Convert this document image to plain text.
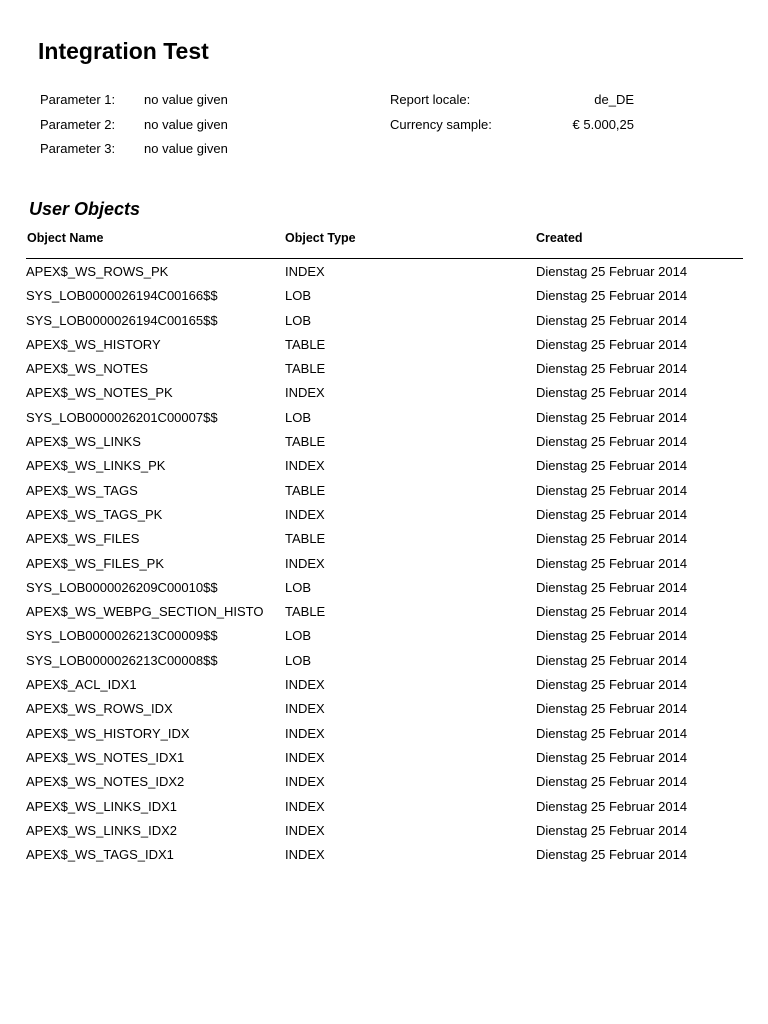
Integration Test
Parameter 1: no value given	Report locale:	de_DE
Parameter 2: no value given	Currency sample:	€ 5.000,25
Parameter 3: no value given
User Objects
Object Name	Object Type	Created
APEX$_WS_ROWS_PK	INDEX	Dienstag 25 Februar 2014
SYS_LOB0000026194C00166$$	LOB	Dienstag 25 Februar 2014
SYS_LOB0000026194C00165$$	LOB	Dienstag 25 Februar 2014
APEX$_WS_HISTORY	TABLE	Dienstag 25 Februar 2014
APEX$_WS_NOTES	TABLE	Dienstag 25 Februar 2014
APEX$_WS_NOTES_PK	INDEX	Dienstag 25 Februar 2014
SYS_LOB0000026201C00007$$	LOB	Dienstag 25 Februar 2014
APEX$_WS_LINKS	TABLE	Dienstag 25 Februar 2014
APEX$_WS_LINKS_PK	INDEX	Dienstag 25 Februar 2014
APEX$_WS_TAGS	TABLE	Dienstag 25 Februar 2014
APEX$_WS_TAGS_PK	INDEX	Dienstag 25 Februar 2014
APEX$_WS_FILES	TABLE	Dienstag 25 Februar 2014
APEX$_WS_FILES_PK	INDEX	Dienstag 25 Februar 2014
SYS_LOB0000026209C00010$$	LOB	Dienstag 25 Februar 2014
APEX$_WS_WEBPG_SECTION_HISTO	TABLE	Dienstag 25 Februar 2014
SYS_LOB0000026213C00009$$	LOB	Dienstag 25 Februar 2014
SYS_LOB0000026213C00008$$	LOB	Dienstag 25 Februar 2014
APEX$_ACL_IDX1	INDEX	Dienstag 25 Februar 2014
APEX$_WS_ROWS_IDX	INDEX	Dienstag 25 Februar 2014
APEX$_WS_HISTORY_IDX	INDEX	Dienstag 25 Februar 2014
APEX$_WS_NOTES_IDX1	INDEX	Dienstag 25 Februar 2014
APEX$_WS_NOTES_IDX2	INDEX	Dienstag 25 Februar 2014
APEX$_WS_LINKS_IDX1	INDEX	Dienstag 25 Februar 2014
APEX$_WS_LINKS_IDX2	INDEX	Dienstag 25 Februar 2014
APEX$_WS_TAGS_IDX1	INDEX	Dienstag 25 Februar 2014
